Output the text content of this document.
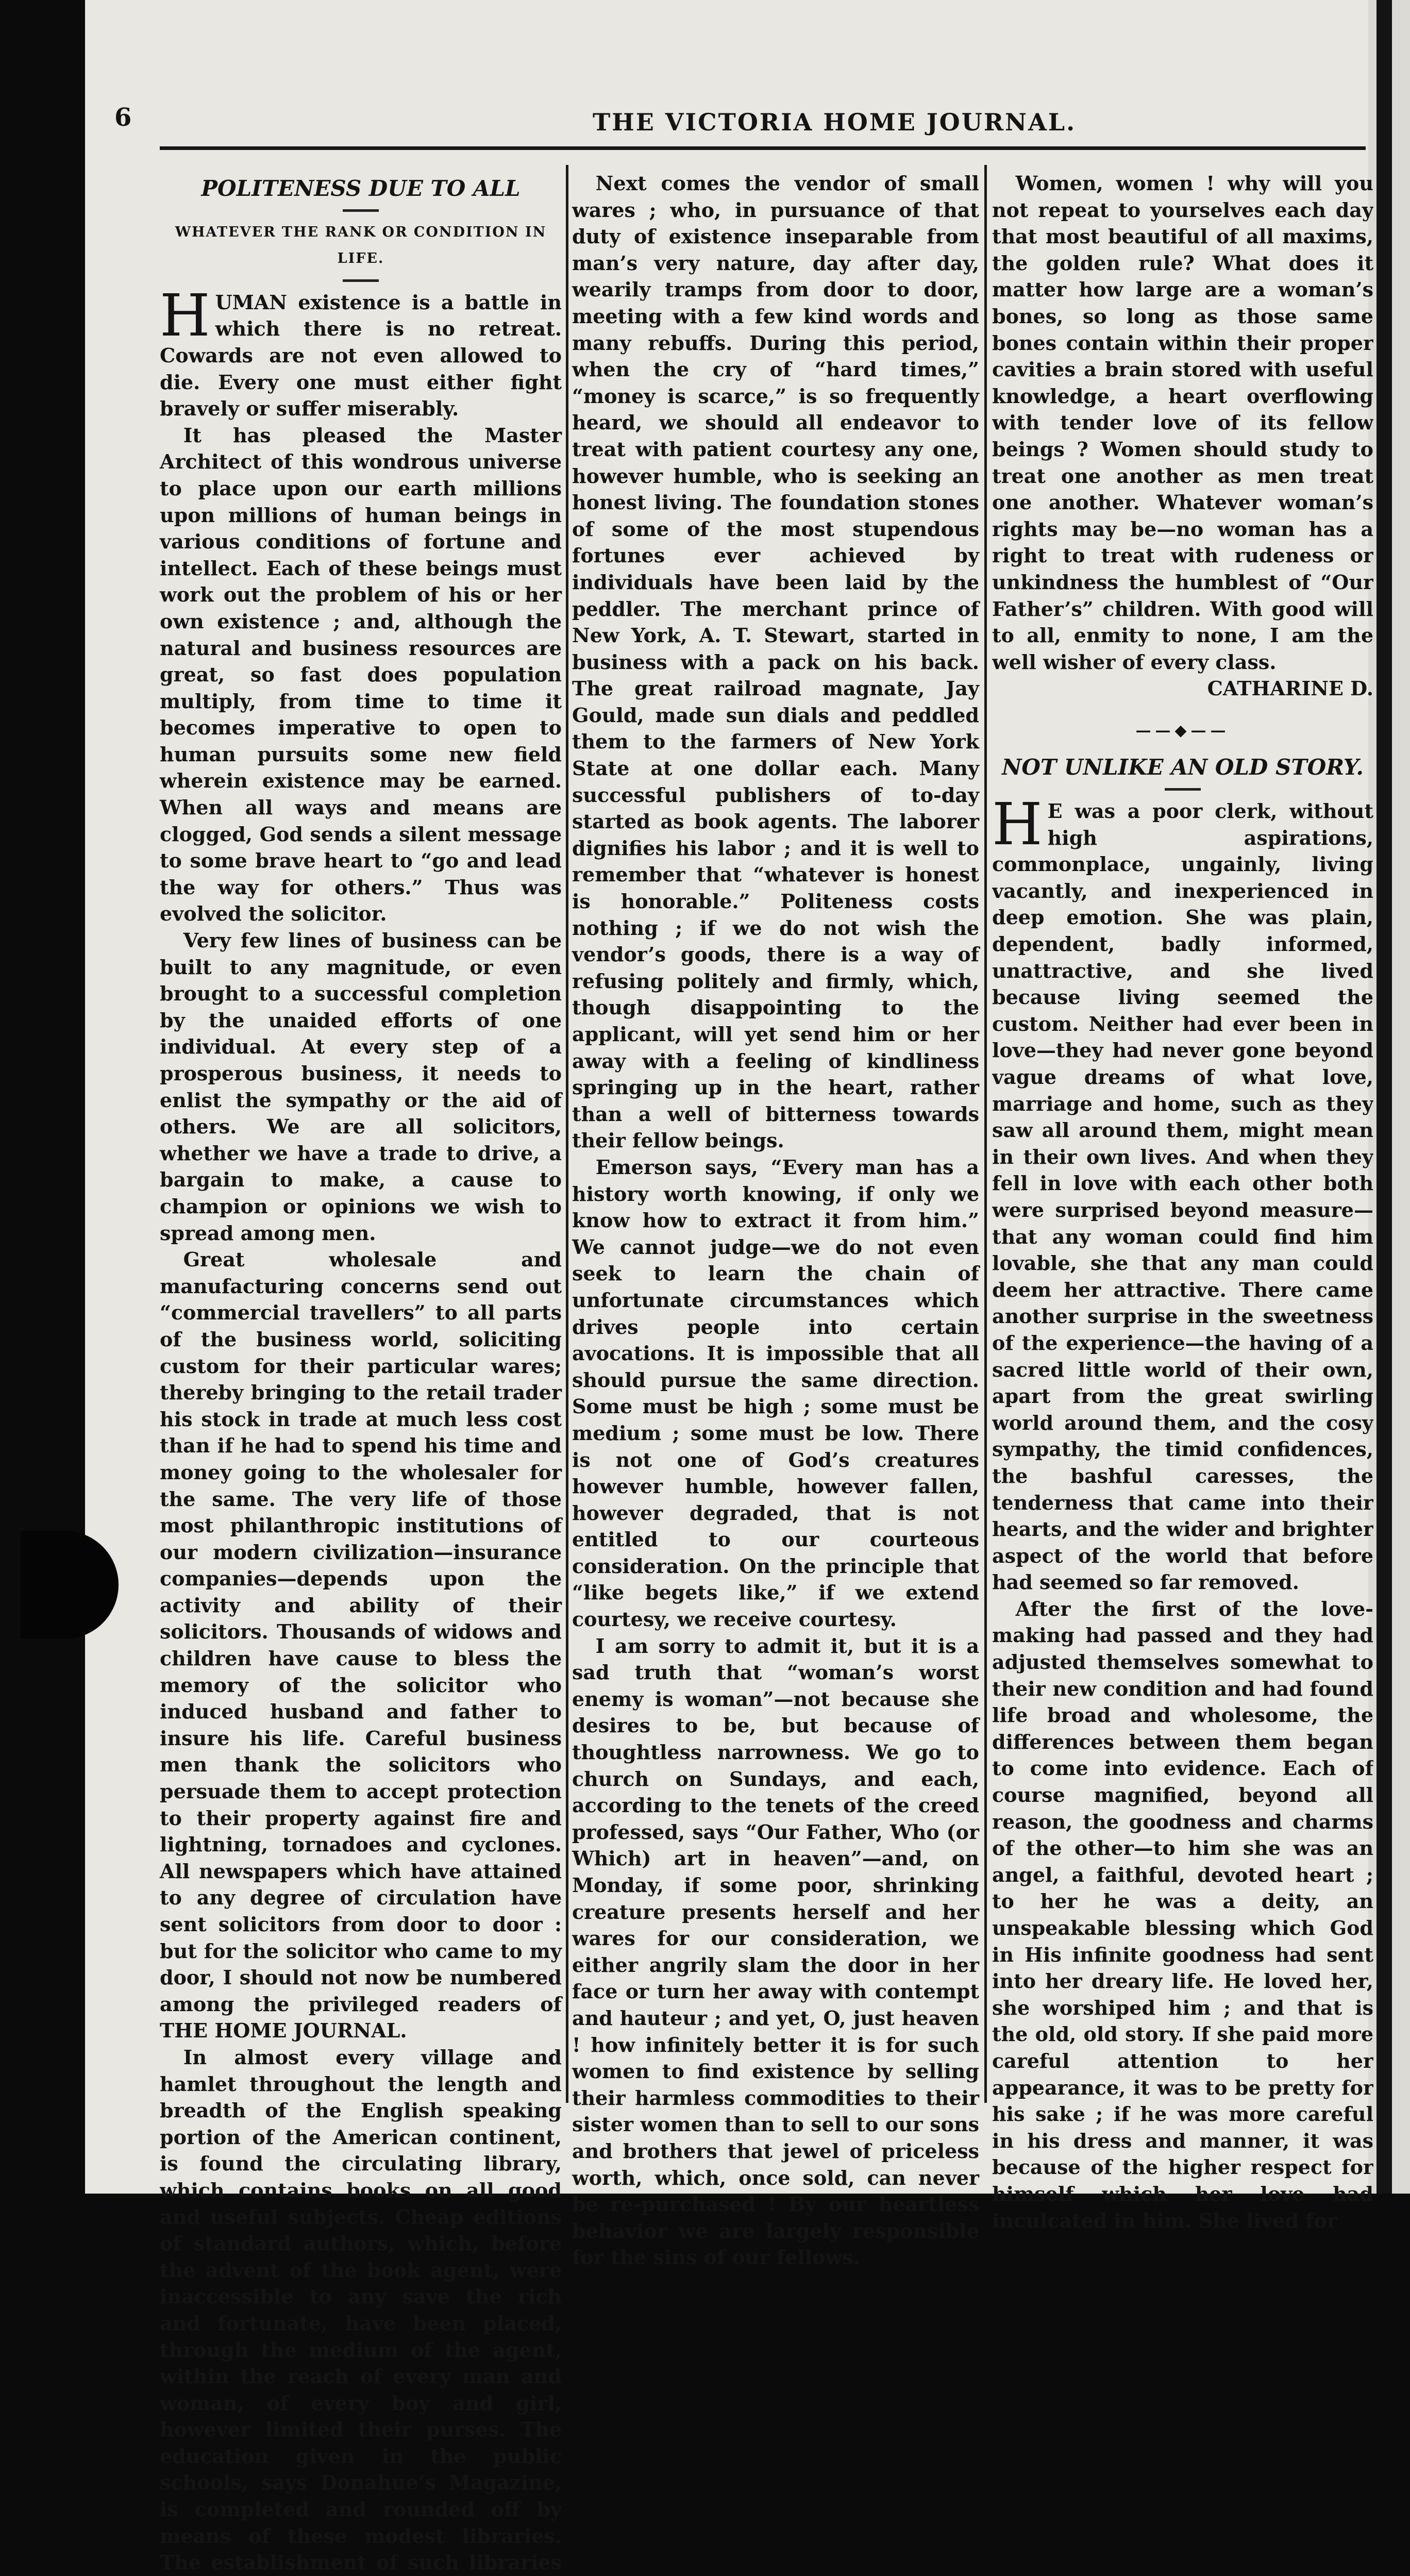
6	THE VICTORIA HOME JOURNAL.
POLITENESS DUE TO ALL
WHATEVER THE RANK OR CONDITION IN LIFE.

HUMAN existence is a battle in which there is no retreat. Cowards are not even allowed to die. Every one must either fight bravely or suffer miserably.

It has pleased the Master Architect of this wondrous universe to place upon our earth millions upon millions of human beings in various conditions of fortune and intellect. Each of these beings must work out the problem of his or her own existence ; and, although the natural and business resources are great, so fast does population multiply, from time to time it becomes imperative to open to human pursuits some new field wherein existence may be earned. When all ways and means are clogged, God sends a silent message to some brave heart to “go and lead the way for others.” Thus was evolved the solicitor.

Very few lines of business can be built to any magnitude, or even brought to a successful completion by the unaided efforts of one individual. At every step of a prosperous business, it needs to enlist the sympathy or the aid of others. We are all solicitors, whether we have a trade to drive, a bargain to make, a cause to champion or opinions we wish to spread among men.

Great wholesale and manufacturing concerns send out “commercial travellers” to all parts of the business world, soliciting custom for their particular wares; thereby bringing to the retail trader his stock in trade at much less cost than if he had to spend his time and money going to the wholesaler for the same. The very life of those most philanthropic institutions of our modern civilization—insurance companies—depends upon the activity and ability of their solicitors. Thousands of widows and children have cause to bless the memory of the solicitor who induced husband and father to insure his life. Careful business men thank the solicitors who persuade them to accept protection to their property against fire and lightning, tornadoes and cyclones. All newspapers which have attained to any degree of circulation have sent solicitors from door to door : but for the solicitor who came to my door, I should not now be numbered among the privileged readers of THE HOME JOURNAL.

In almost every village and hamlet throughout the length and breadth of the English speaking portion of the American continent, is found the circulating library, which contains books on all good and useful subjects. Cheap editions of standard authors, which, before the advent of the book agent, were inaccessible to any save the rich and fortunate, have been placed, through the medium of the agent, within the reach of every man and woman, of every boy and girl, however limited their purses. The education given in the public schools, says Donahue’s Magazine, is completed and rounded off by means of these modest libraries. The establishment of such libraries

Next comes the vendor of small wares ; who, in pursuance of that duty of existence inseparable from man’s very nature, day after day, wearily tramps from door to door, meeting with a few kind words and many rebuffs. During this period, when the cry of “hard times,” “money is scarce,” is so frequently heard, we should all endeavor to treat with patient courtesy any one, however humble, who is seeking an honest living. The foundation stones of some of the most stupendous fortunes ever achieved by individuals have been laid by the peddler. The merchant prince of New York, A. T. Stewart, started in business with a pack on his back. The great railroad magnate, Jay Gould, made sun dials and peddled them to the farmers of New York State at one dollar each. Many successful publishers of to-day started as book agents. The laborer dignifies his labor ; and it is well to remember that “whatever is honest is honorable.” Politeness costs nothing ; if we do not wish the vendor’s goods, there is a way of refusing politely and firmly, which, though disappointing to the applicant, will yet send him or her away with a feeling of kindliness springing up in the heart, rather than a well of bitterness towards their fellow beings.

Emerson says, “Every man has a history worth knowing, if only we know how to extract it from him.” We cannot judge—we do not even seek to learn the chain of unfortunate circumstances which drives people into certain avocations. It is impossible that all should pursue the same direction. Some must be high ; some must be medium ; some must be low. There is not one of God’s creatures however humble, however fallen, however degraded, that is not entitled to our courteous consideration. On the principle that “like begets like,” if we extend courtesy, we receive courtesy.

I am sorry to admit it, but it is a sad truth that “woman’s worst enemy is woman”—not because she desires to be, but because of thoughtless narrowness. We go to church on Sundays, and each, according to the tenets of the creed professed, says “Our Father, Who (or Which) art in heaven”—and, on Monday, if some poor, shrinking creature presents herself and her wares for our consideration, we either angrily slam the door in her face or turn her away with contempt and hauteur ; and yet, O, just heaven ! how infinitely better it is for such women to find existence by selling their harmless commodities to their sister women than to sell to our sons and brothers that jewel of priceless worth, which, once sold, can never be re-purchased ! By our heartless behavior we are largely responsible for the sins of our fellows.

Women, women ! why will you not repeat to yourselves each day that most beautiful of all maxims, the golden rule? What does it matter how large are a woman’s bones, so long as those same bones contain within their proper cavities a brain stored with useful knowledge, a heart overflowing with tender love of its fellow beings ? Women should study to treat one another as men treat one another. Whatever woman’s rights may be—no woman has a right to treat with rudeness or unkindness the humblest of “Our Father’s” children. With good will to all, enmity to none, I am the well wisher of every class.

CATHARINE D.
——◆——
NOT UNLIKE AN OLD STORY.

H E was a poor clerk, without high aspirations, commonplace, ungainly, living vacantly, and inexperienced in deep emotion. She was plain, dependent, badly informed, unattractive, and she lived because living seemed the custom. Neither had ever been in love—they had never gone beyond vague dreams of what love, marriage and home, such as they saw all around them, might mean in their own lives. And when they fell in love with each other both were surprised beyond measure—that any woman could find him lovable, she that any man could deem her attractive. There came another surprise in the sweetness of the experience—the having of a sacred little world of their own, apart from the great swirling world around them, and the cosy sympathy, the timid confidences, the bashful caresses, the tenderness that came into their hearts, and the wider and brighter aspect of the world that before had seemed so far removed.

After the first of the love-making had passed and they had adjusted themselves somewhat to their new condition and had found life broad and wholesome, the differences between them began to come into evidence. Each of course magnified, beyond all reason, the goodness and charms of the other—to him she was an angel, a faithful, devoted heart ; to her he was a deity, an unspeakable blessing which God in His infinite goodness had sent into her dreary life. He loved her, she worshiped him ; and that is the old, old story. If she paid more careful attention to her appearance, it was to be pretty for his sake ; if he was more careful in his dress and manner, it was because of the higher respect for himself which her love had inculcated in him. She lived for
